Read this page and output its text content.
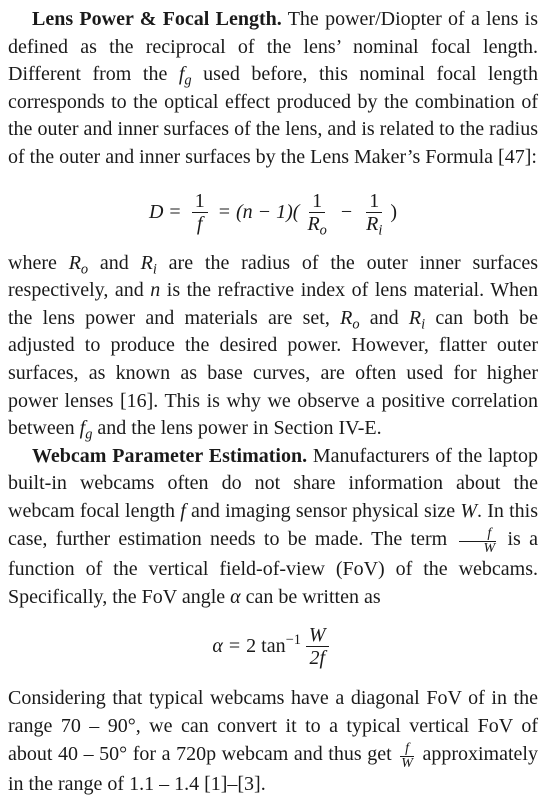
Lens Power & Focal Length. The power/Diopter of a lens is defined as the reciprocal of the lens’ nominal focal length. Different from the $f_g$ used before, this nominal focal length corresponds to the optical effect produced by the combination of the outer and inner surfaces of the lens, and is related to the radius of the outer and inner surfaces by the Lens Maker’s Formula [47]:

$D = \frac{1}{f} = (n - 1)( \frac{1}{R_o} - \frac{1}{R_i}$ )

where $R_o$ and $R_i$ are the radius of the outer inner surfaces respectively, and n is the refractive index of lens material. When the lens power and materials are set, $R_o$ and $R_i$ can both be adjusted to produce the desired power. However, flatter outer surfaces, as known as base curves, are often used for higher power lenses [16]. This is why we observe a positive correlation between $f_g$ and the lens power in Section IV-E.

Webcam Parameter Estimation. Manufacturers of the laptop built-in webcams often do not share information about the webcam focal length f and imaging sensor physical size W. In this case, further estimation needs to be made. The term $\frac{f}{W}$ is a function of the vertical field-of-view (FoV) of the webcams. Specifically, the FoV angle α can be written as

α = 2 $\tan^{-1} \frac{W}{2f}$

Considering that typical webcams have a diagonal FoV of in the range 70 – 90°, we can convert it to a typical vertical FoV of about 40 – 50° for a 720p webcam and thus get $\frac{f}{W}$ approximately in the range of 1.1 – 1.4 [1]–[3].
